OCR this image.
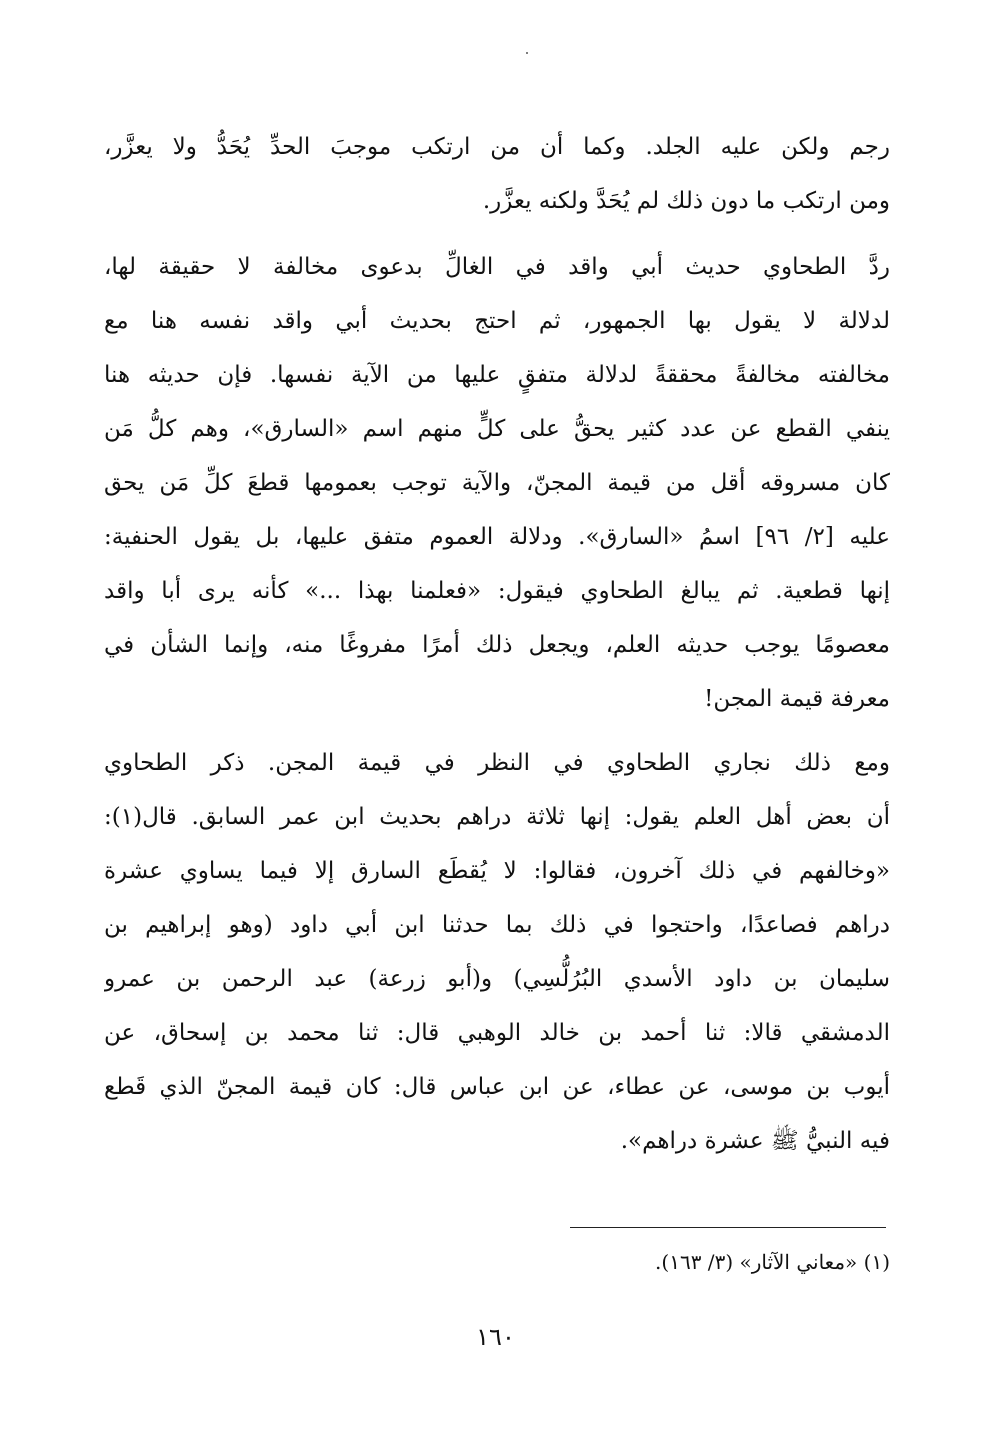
رجم ولكن عليه الجلد. وكما أن من ارتكب موجبَ الحدِّ يُحَدُّ ولا يعزَّر،
ومن ارتكب ما دون ذلك لم يُحَدَّ ولكنه يعزَّر.
ردَّ الطحاوي حديث أبي واقد في الغالِّ بدعوى مخالفة لا حقيقة لها،
لدلالة لا يقول بها الجمهور، ثم احتج بحديث أبي واقد نفسه هنا مع
مخالفته مخالفةً محققةً لدلالة متفقٍ عليها من الآية نفسها. فإن حديثه هنا
ينفي القطع عن عدد كثير يحقُّ على كلٍّ منهم اسم «السارق»، وهم كلُّ مَن
كان مسروقه أقل من قيمة المجنّ، والآية توجب بعمومها قطعَ كلِّ مَن يحق
عليه [٢/ ٩٦] اسمُ «السارق». ودلالة العموم متفق عليها، بل يقول الحنفية:
إنها قطعية. ثم يبالغ الطحاوي فيقول: «فعلمنا بهذا ...» كأنه يرى أبا واقد
معصومًا يوجب حديثه العلم، ويجعل ذلك أمرًا مفروغًا منه، وإنما الشأن في
معرفة قيمة المجن!
ومع ذلك نجاري الطحاوي في النظر في قيمة المجن. ذكر الطحاوي
أن بعض أهل العلم يقول: إنها ثلاثة دراهم بحديث ابن عمر السابق. قال(١):
«وخالفهم في ذلك آخرون، فقالوا: لا يُقطَع السارق إلا فيما يساوي عشرة
دراهم فصاعدًا، واحتجوا في ذلك بما حدثنا ابن أبي داود (وهو إبراهيم بن
سليمان بن داود الأسدي البُرُلُّسِي) و(أبو زرعة) عبد الرحمن بن عمرو
الدمشقي قالا: ثنا أحمد بن خالد الوهبي قال: ثنا محمد بن إسحاق، عن
أيوب بن موسى، عن عطاء، عن ابن عباس قال: كان قيمة المجنّ الذي قَطع
فيه النبيُّ ﷺ عشرة دراهم».
(١) «معاني الآثار» (٣/ ١٦٣).
١٦٠
